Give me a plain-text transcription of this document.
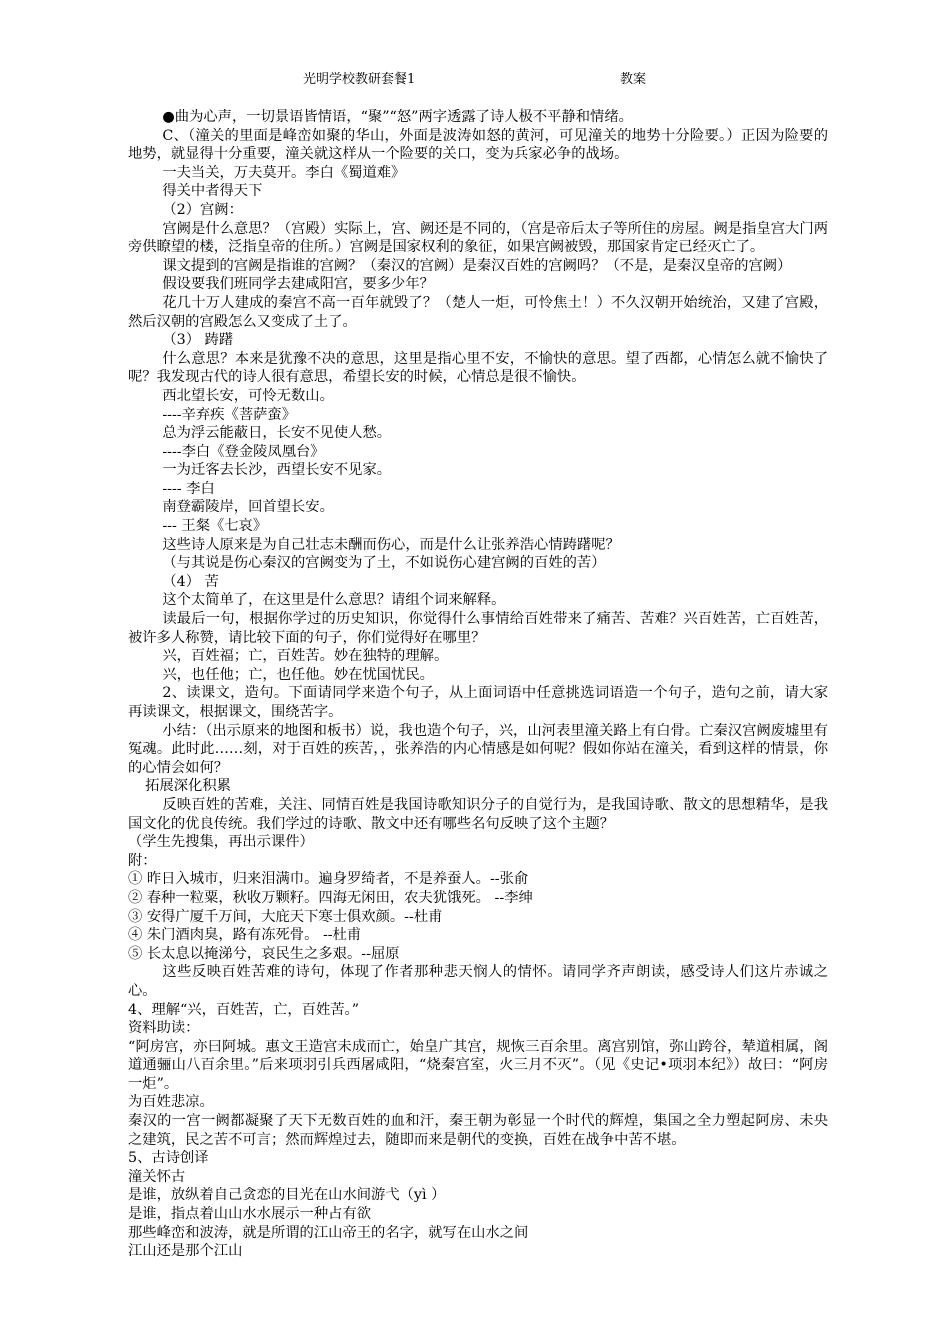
光明学校教研套餐1	教案

●曲为心声，一切景语皆情语，“聚”“怒”两字透露了诗人极不平静和情绪。

C、（潼关的里面是峰峦如聚的华山，外面是波涛如怒的黄河，可见潼关的地势十分险要。）正因为险要的地势，就显得十分重要，潼关就这样从一个险要的关口，变为兵家必争的战场。

一夫当关，万夫莫开。李白《蜀道难》

得关中者得天下

（2）宫阙：

宫阙是什么意思？（宫殿）实际上，宫、阙还是不同的，（宫是帝后太子等所住的房屋。阙是指皇宫大门两旁供瞭望的楼，泛指皇帝的住所。）宫阙是国家权利的象征，如果宫阙被毁，那国家肯定已经灭亡了。

课文提到的宫阙是指谁的宫阙？（秦汉的宫阙）是秦汉百姓的宫阙吗？（不是，是秦汉皇帝的宫阙）

假设要我们班同学去建咸阳宫，要多少年？

花几十万人建成的秦宫不高一百年就毁了？（楚人一炬，可怜焦土！）不久汉朝开始统治，又建了宫殿，然后汉朝的宫殿怎么又变成了土了。

（3） 踌躇

什么意思？本来是犹豫不决的意思，这里是指心里不安，不愉快的意思。望了西都，心情怎么就不愉快了呢？我发现古代的诗人很有意思，希望长安的时候，心情总是很不愉快。

西北望长安，可怜无数山。

----辛弃疾《菩萨蛮》

总为浮云能蔽日，长安不见使人愁。

----李白《登金陵凤凰台》

一为迁客去长沙，西望长安不见家。

---- 李白

南登霸陵岸，回首望长安。

--- 王粲《七哀》

这些诗人原来是为自己壮志未酬而伤心，而是什么让张养浩心情踌躇呢？

（与其说是伤心秦汉的宫阙变为了土，不如说伤心建宫阙的百姓的苦）

（4） 苦

这个太简单了，在这里是什么意思？请组个词来解释。

读最后一句，根据你学过的历史知识，你觉得什么事情给百姓带来了痛苦、苦难？兴百姓苦，亡百姓苦，被许多人称赞，请比较下面的句子，你们觉得好在哪里？

兴，百姓福；亡，百姓苦。妙在独特的理解。

兴，也任他；亡，也任他。妙在忧国忧民。

2、读课文，造句。下面请同学来造个句子，从上面词语中任意挑选词语造一个句子，造句之前，请大家再读课文，根据课文，围绕苦字。

小结：（出示原来的地图和板书）说，我也造个句子，兴，山河表里潼关路上有白骨。亡秦汉宫阙废墟里有冤魂。此时此……刻，对于百姓的疾苦，，张养浩的内心情感是如何呢？假如你站在潼关，看到这样的情景，你的心情会如何？

拓展深化积累

反映百姓的苦难，关注、同情百姓是我国诗歌知识分子的自觉行为，是我国诗歌、散文的思想精华，是我国文化的优良传统。我们学过的诗歌、散文中还有哪些名句反映了这个主题？

（学生先搜集，再出示课件）

附：

① 昨日入城市，归来泪满巾。遍身罗绮者，不是养蚕人。--张俞

② 春种一粒粟，秋收万颗籽。四海无闲田，农夫犹饿死。 --李绅

③ 安得广厦千万间，大庇天下寒士俱欢颜。--杜甫

④ 朱门酒肉臭，路有冻死骨。 --杜甫

⑤ 长太息以掩涕兮，哀民生之多艰。--屈原

这些反映百姓苦难的诗句，体现了作者那种悲天悯人的情怀。请同学齐声朗读，感受诗人们这片赤诚之心。

4、理解“兴，百姓苦，亡，百姓苦。”

资料助读：

“阿房宫，亦曰阿城。惠文王造宫未成而亡，始皇广其宫，规恢三百余里。离宫别馆，弥山跨谷，辇道相属，阁道通骊山八百余里。”后来项羽引兵西屠咸阳，“烧秦宫室，火三月不灭”。（见《史记•项羽本纪》）故曰：“阿房一炬”。

为百姓悲凉。

秦汉的一宫一阙都凝聚了天下无数百姓的血和汗，秦王朝为彰显一个时代的辉煌，集国之全力塑起阿房、未央之建筑，民之苦不可言；然而辉煌过去，随即而来是朝代的变换，百姓在战争中苦不堪。

5、古诗创译

潼关怀古

是谁，放纵着自己贪恋的目光在山水间游弋（yì ）

是谁，指点着山山水水展示一种占有欲

那些峰峦和波涛，就是所谓的江山帝王的名字，就写在山水之间

江山还是那个江山
